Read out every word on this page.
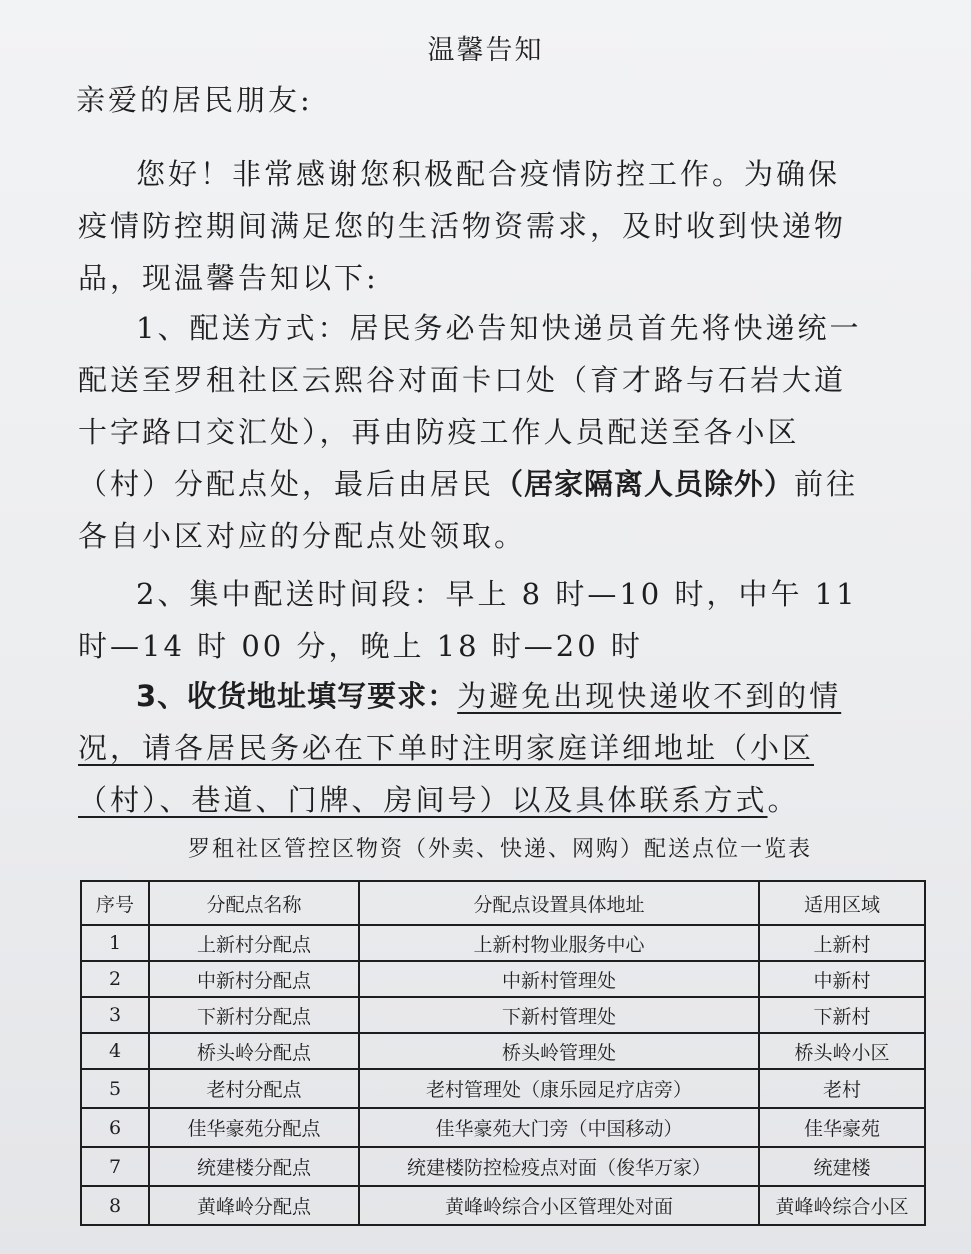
温馨告知
亲爱的居民朋友:

您好！非常感谢您积极配合疫情防控工作。为确保疫情防控期间满足您的生活物资需求，及时收到快递物品，现温馨告知以下:

1、配送方式：居民务必告知快递员首先将快递统一配送至罗租社区云熙谷对面卡口处（育才路与石岩大道十字路口交汇处），再由防疫工作人员配送至各小区（村）分配点处，最后由居民（居家隔离人员除外）前往各自小区对应的分配点处领取。

2、集中配送时间段：早上 8 时—10 时，中午 11 时—14 时 00 分，晚上 18 时—20 时

3、收货地址填写要求：为避免出现快递收不到的情况，请各居民务必在下单时注明家庭详细地址（小区（村）、巷道、门牌、房间号）以及具体联系方式。

罗租社区管控区物资（外卖、快递、网购）配送点位一览表
序号	分配点名称	分配点设置具体地址	适用区域
1	上新村分配点	上新村物业服务中心	上新村
2	中新村分配点	中新村管理处	中新村
3	下新村分配点	下新村管理处	下新村
4	桥头岭分配点	桥头岭管理处	桥头岭小区
5	老村分配点	老村管理处（康乐园足疗店旁）	老村
6	佳华豪苑分配点	佳华豪苑大门旁（中国移动）	佳华豪苑
7	统建楼分配点	统建楼防控检疫点对面（俊华万家）	统建楼
8	黄峰岭分配点	黄峰岭综合小区管理处对面	黄峰岭综合小区
